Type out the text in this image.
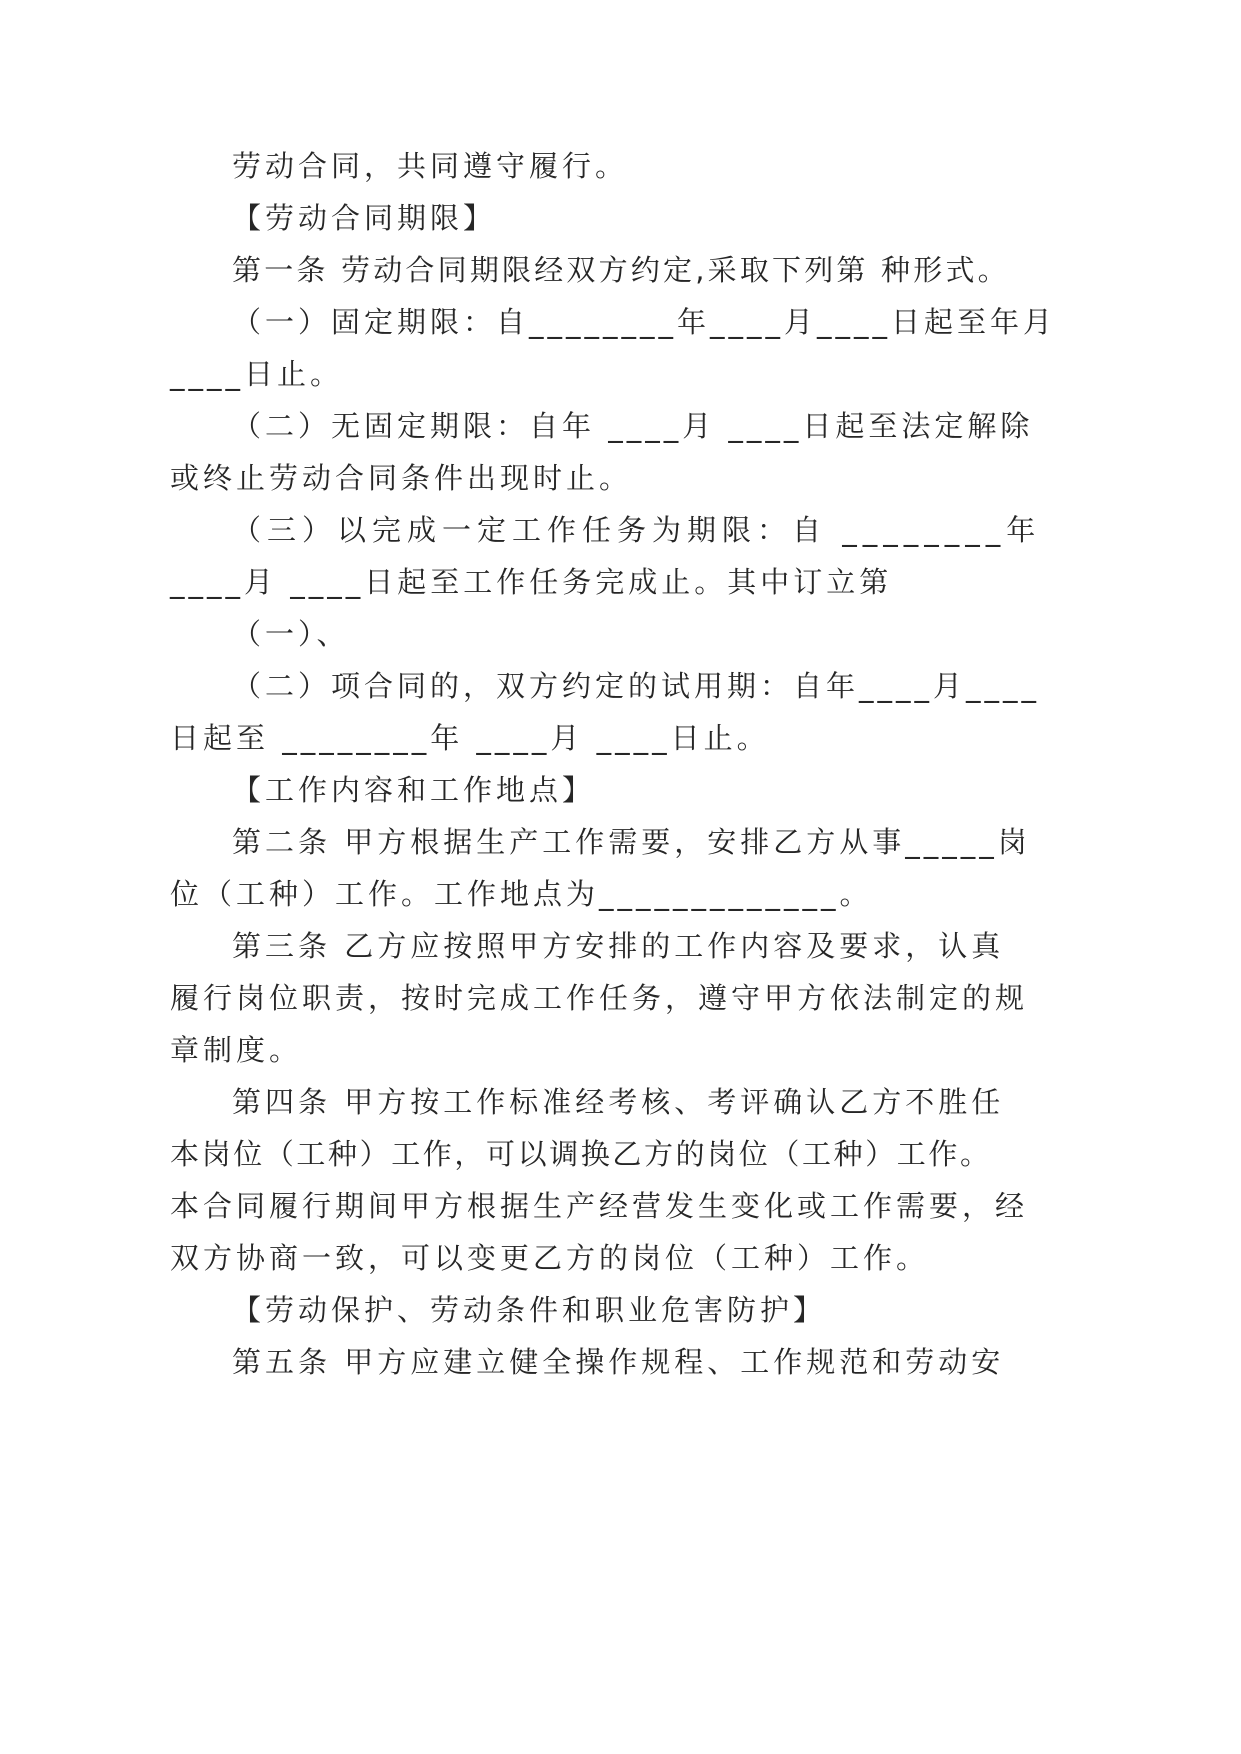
劳动合同，共同遵守履行。
【劳动合同期限】
第一条 劳动合同期限经双方约定,采取下列第 种形式。
（一）固定期限：自________年____月____日起至年月
____日止。
（二）无固定期限：自年 ____月 ____日起至法定解除
或终止劳动合同条件出现时止。
（三）以完成一定工作任务为期限：自 ________年
____月 ____日起至工作任务完成止。其中订立第
（一）、
（二）项合同的，双方约定的试用期：自年____月____
日起至 ________年 ____月 ____日止。
【工作内容和工作地点】
第二条 甲方根据生产工作需要，安排乙方从事_____岗
位（工种）工作。工作地点为_____________。
第三条 乙方应按照甲方安排的工作内容及要求，认真
履行岗位职责，按时完成工作任务，遵守甲方依法制定的规
章制度。
第四条 甲方按工作标准经考核、考评确认乙方不胜任
本岗位（工种）工作，可以调换乙方的岗位（工种）工作。
本合同履行期间甲方根据生产经营发生变化或工作需要，经
双方协商一致，可以变更乙方的岗位（工种）工作。
【劳动保护、劳动条件和职业危害防护】
第五条 甲方应建立健全操作规程、工作规范和劳动安
